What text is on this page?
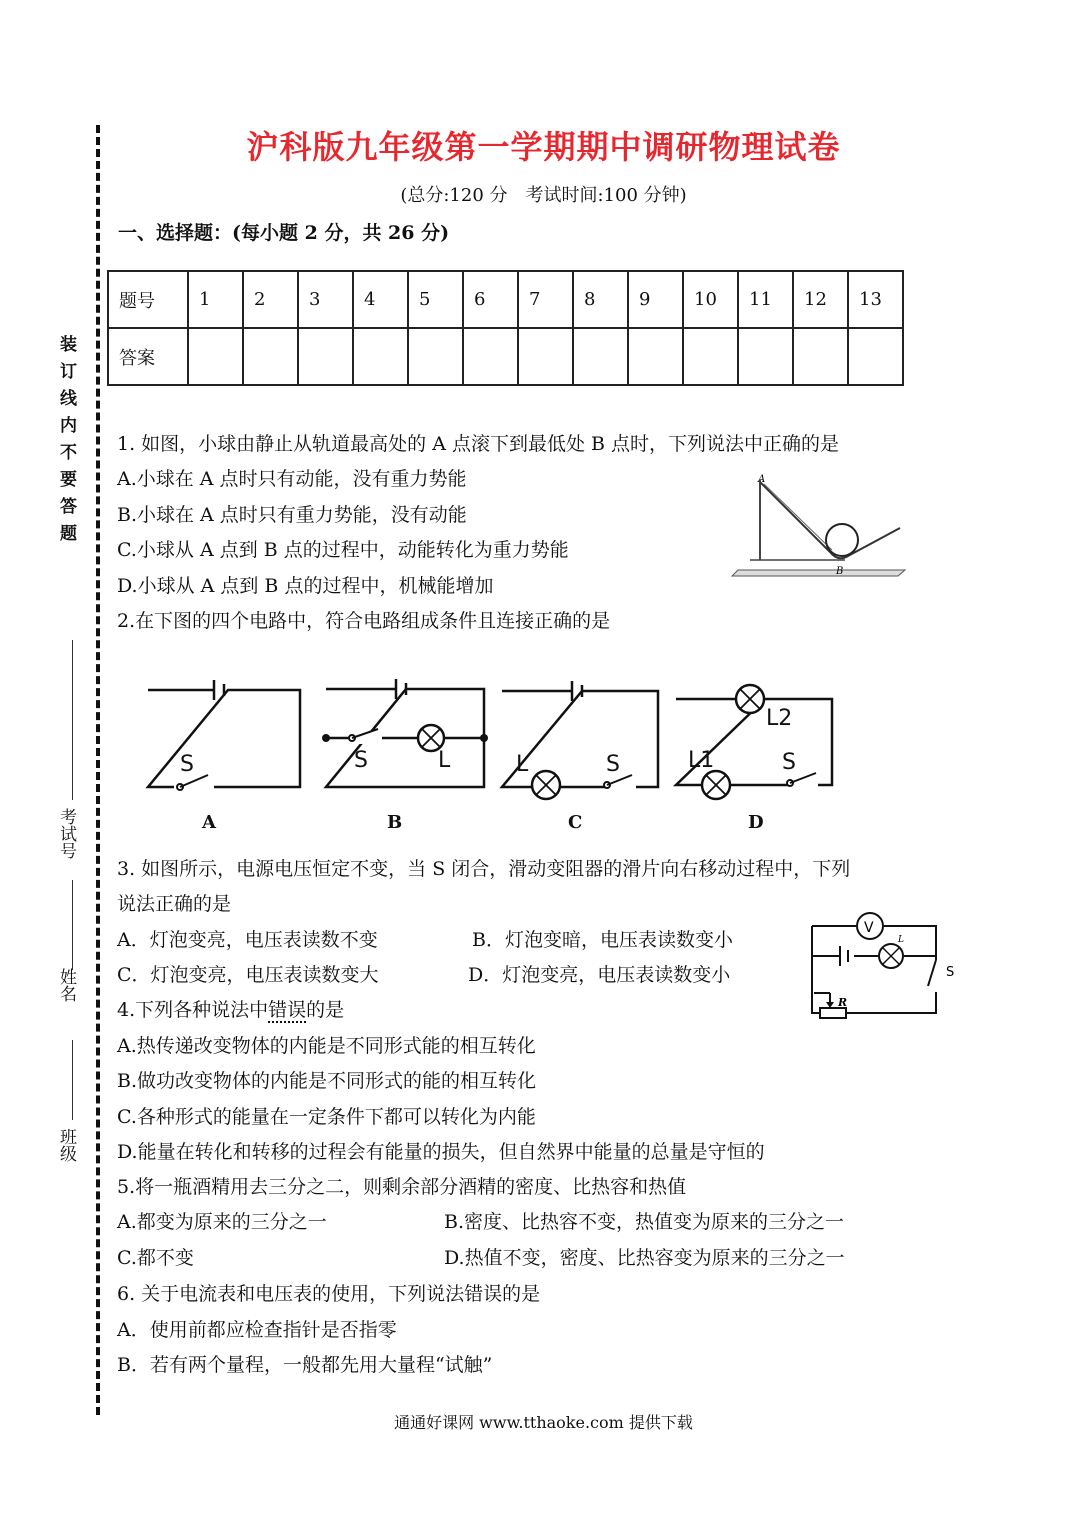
装订线内不要答题
考试号
姓名
班级
沪科版九年级第一学期期中调研物理试卷
(总分:120 分　考试时间:100 分钟)
一、选择题：(每小题 2 分，共 26 分)
题号	1	2	3	4	5	6	7	8	9	10	11	12	13
答案													
1. 如图，小球由静止从轨道最高处的 A 点滚下到最低处 B 点时，下列说法中正确的是
A.小球在 A 点时只有动能，没有重力势能
B.小球在 A 点时只有重力势能，没有动能
C.小球从 A 点到 B 点的过程中，动能转化为重力势能
D.小球从 A 点到 B 点的过程中，机械能增加
A
B
2.在下图的四个电路中，符合电路组成条件且连接正确的是
S	S	L	L	S
L2
L1	S
A	B	C	D
3. 如图所示，电源电压恒定不变，当 S 闭合，滑动变阻器的滑片向右移动过程中，下列
说法正确的是
A．灯泡变亮，电压表读数不变	B．灯泡变暗，电压表读数变小
C．灯泡变亮，电压表读数变大	D．灯泡变亮，电压表读数变小
V
L
S
R
4.下列各种说法中错误的是
A.热传递改变物体的内能是不同形式能的相互转化
B.做功改变物体的内能是不同形式的能的相互转化
C.各种形式的能量在一定条件下都可以转化为内能
D.能量在转化和转移的过程会有能量的损失，但自然界中能量的总量是守恒的
5.将一瓶酒精用去三分之二，则剩余部分酒精的密度、比热容和热值
A.都变为原来的三分之一	B.密度、比热容不变，热值变为原来的三分之一
C.都不变	D.热值不变，密度、比热容变为原来的三分之一
6. 关于电流表和电压表的使用，下列说法错误的是
A．使用前都应检查指针是否指零
B．若有两个量程，一般都先用大量程“试触”
通通好课网 www.tthaoke.com 提供下载
